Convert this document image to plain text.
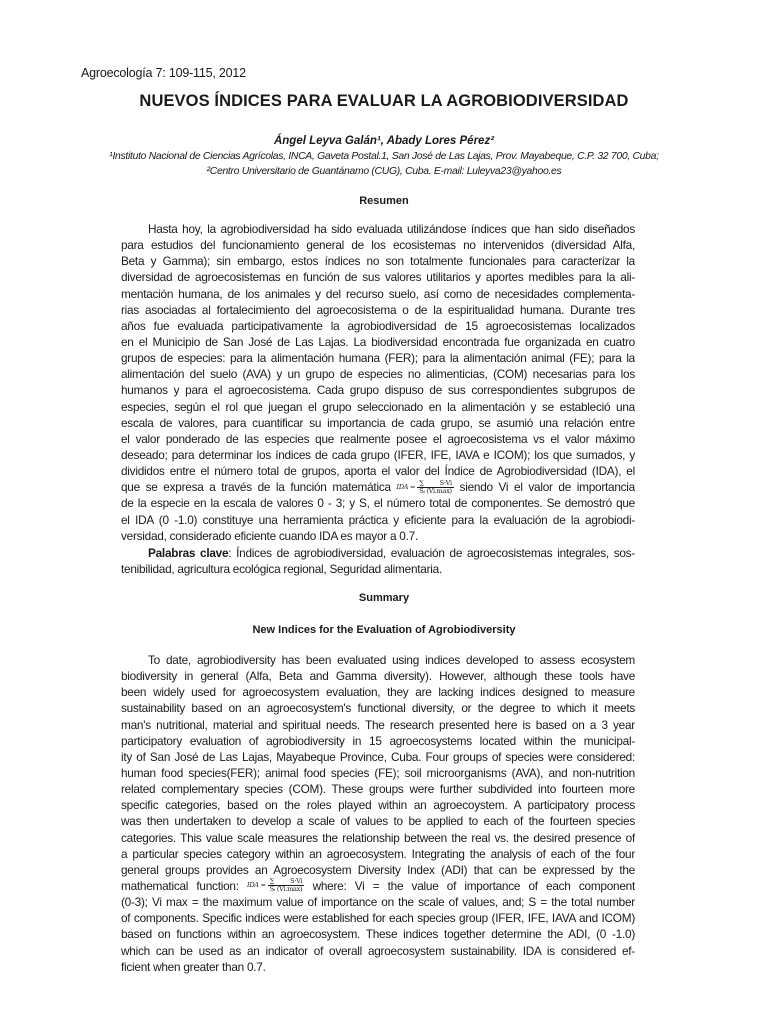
Agroecología 7: 109-115, 2012
NUEVOS ÍNDICES PARA EVALUAR LA AGROBIODIVERSIDAD
Ángel Leyva Galán¹, Abady Lores Pérez²
¹Instituto Nacional de Ciencias Agrícolas, INCA, Gaveta Postal.1, San José de Las Lajas, Prov. Mayabeque, C.P. 32 700, Cuba;
²Centro Universitario de Guantánamo (CUG), Cuba. E-mail: Luleyva23@yahoo.es
Resumen
Hasta hoy, la agrobiodiversidad ha sido evaluada utilizándose índices que han sido diseñados
para estudios del funcionamiento general de los ecosistemas no intervenidos (diversidad Alfa,
Beta y Gamma); sin embargo, estos índices no son totalmente funcionales para caracterizar la
diversidad de agroecosistemas en función de sus valores utilitarios y aportes medibles para la ali-
mentación humana, de los animales y del recurso suelo, así como de necesidades complementa-
rias asociadas al fortalecimiento del agroecosistema o de la espiritualidad humana. Durante tres
años fue evaluada participativamente la agrobiodiversidad de 15 agroecosistemas localizados
en el Municipio de San José de Las Lajas. La biodiversidad encontrada fue organizada en cuatro
grupos de especies: para la alimentación humana (FER); para la alimentación animal (FE); para la
alimentación del suelo (AVA) y un grupo de especies no alimenticias, (COM) necesarias para los
humanos y para el agroecosistema. Cada grupo dispuso de sus correspondientes subgrupos de
especies, según el rol que juegan el grupo seleccionado en la alimentación y se estableció una
escala de valores, para cuantificar su importancia de cada grupo, se asumió una relación entre
el valor ponderado de las especies que realmente posee el agroecosistema vs el valor máximo
deseado; para determinar los índices de cada grupo (IFER, IFE, IAVA e ICOM); los que sumados, y
divididos entre el número total de grupos, aporta el valor del Índice de Agrobiodiversidad (IDA), el
que se expresa a través de la función matemática IDA = $\frac{\sum S\cdot Vi}{\text{Sᵢ (Vi.max)}}$ siendo Vi el valor de importancia
de la especie en la escala de valores 0 - 3; y S, el número total de componentes. Se demostró que
el IDA (0 -1.0) constituye una herramienta práctica y eficiente para la evaluación de la agrobiodi-
versidad, considerado eficiente cuando IDA es mayor a 0.7.
Palabras clave: Índices de agrobiodiversidad, evaluación de agroecosistemas integrales, sos-
tenibilidad, agricultura ecológica regional, Seguridad alimentaria.
Summary
New Indices for the Evaluation of Agrobiodiversity
To date, agrobiodiversity has been evaluated using indices developed to assess ecosystem
biodiversity in general (Alfa, Beta and Gamma diversity). However, although these tools have
been widely used for agroecosystem evaluation, they are lacking indices designed to measure
sustainability based on an agroecosystem's functional diversity, or the degree to which it meets
man's nutritional, material and spiritual needs. The research presented here is based on a 3 year
participatory evaluation of agrobiodiversity in 15 agroecosystems located within the municipal-
ity of San José de Las Lajas, Mayabeque Province, Cuba. Four groups of species were considered:
human food species(FER); animal food species (FE); soil microorganisms (AVA), and non-nutrition
related complementary species (COM). These groups were further subdivided into fourteen more
specific categories, based on the roles played within an agroecoystem. A participatory process
was then undertaken to develop a scale of values to be applied to each of the fourteen species
categories. This value scale measures the relationship between the real vs. the desired presence of
a particular species category within an agroecosystem. Integrating the analysis of each of the four
general groups provides an Agroecosystem Diversity Index (ADI) that can be expressed by the
mathematical function: IDA = $\frac{\sum S\cdot Vi}{\text{Sᵢ (Vi.max)}}$ where: Vi = the value of importance of each component
(0-3); Vi max = the maximum value of importance on the scale of values, and; S = the total number
of components. Specific indices were established for each species group (IFER, IFE, IAVA and ICOM)
based on functions within an agroecosystem. These indices together determine the ADI, (0 -1.0)
which can be used as an indicator of overall agroecosystem sustainability. IDA is considered ef-
ficient when greater than 0.7.
